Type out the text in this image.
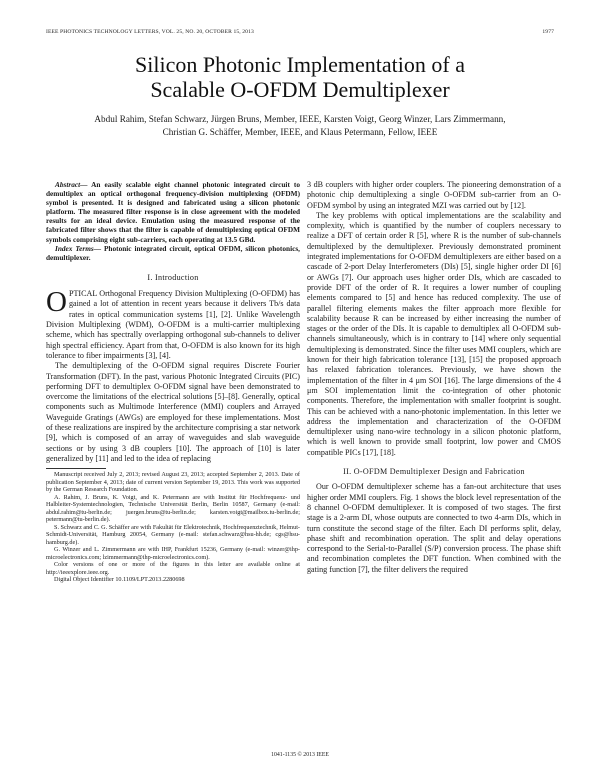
IEEE PHOTONICS TECHNOLOGY LETTERS, VOL. 25, NO. 20, OCTOBER 15, 2013	1977
Silicon Photonic Implementation of a
Scalable O-OFDM Demultiplexer
Abdul Rahim, Stefan Schwarz, Jürgen Bruns, Member, IEEE, Karsten Voigt, Georg Winzer, Lars Zimmermann,
Christian G. Schäffer, Member, IEEE, and Klaus Petermann, Fellow, IEEE

Abstract— An easily scalable eight channel photonic integrated circuit to demultiplex an optical orthogonal frequency-division multiplexing (OFDM) symbol is presented. It is designed and fabricated using a silicon photonic platform. The measured filter response is in close agreement with the modeled results for an ideal device. Emulation using the measured response of the fabricated filter shows that the filter is capable of demultiplexing optical OFDM symbols comprising eight sub-carriers, each operating at 13.5 GBd.

Index Terms— Photonic integrated circuit, optical OFDM, silicon photonics, demultiplexer.

I. Introduction

OPTICAL Orthogonal Frequency Division Multiplexing (O-OFDM) has gained a lot of attention in recent years because it delivers Tb/s data rates in optical communication systems [1], [2]. Unlike Wavelength Division Multiplexing (WDM), O-OFDM is a multi-carrier multiplexing scheme, which has spectrally overlapping orthogonal sub-channels to deliver high spectral efficiency. Apart from that, O-OFDM is also known for its high tolerance to fiber impairments [3], [4].

The demultiplexing of the O-OFDM signal requires Discrete Fourier Transformation (DFT). In the past, various Photonic Integrated Circuits (PIC) performing DFT to demultiplex O-OFDM signal have been demonstrated to overcome the limitations of the electrical solutions [5]–[8]. Generally, optical components such as Multimode Interference (MMI) couplers and Arrayed Waveguide Gratings (AWGs) are employed for these implementations. Most of these realizations are inspired by the architecture comprising a star network [9], which is composed of an array of waveguides and slab waveguide sections or by using 3 dB couplers [10]. The approach of [10] is later generalized by [11] and led to the idea of replacing

Manuscript received July 2, 2013; revised August 23, 2013; accepted September 2, 2013. Date of publication September 4, 2013; date of current version September 19, 2013. This work was supported by the German Research Foundation.

A. Rahim, J. Bruns, K. Voigt, and K. Petermann are with Institut für Hochfrequenz- und Halbleiter-Systemtechnologien, Technische Universität Berlin, Berlin 10587, Germany (e-mail: abdul.rahim@tu-berlin.de; juergen.bruns@tu-berlin.de; karsten.voigt@mailbox.tu-berlin.de; petermann@tu-berlin.de).

S. Schwarz and C. G. Schäffer are with Fakultät für Elektrotechnik, Hochfrequenztechnik, Helmut-Schmidt-Universität, Hamburg 20054, Germany (e-mail: stefan.schwarz@hsu-hh.de; cgs@hsu-hamburg.de).

G. Winzer and L. Zimmermann are with IHP, Frankfurt 15236, Germany (e-mail: winzer@ihp-microelectronics.com; lzimmermann@ihp-microelectronics.com).

Color versions of one or more of the figures in this letter are available online at http://ieeexplore.ieee.org.

Digital Object Identifier 10.1109/LPT.2013.2280698

3 dB couplers with higher order couplers. The pioneering demonstration of a photonic chip demultiplexing a single O-OFDM sub-carrier from an O-OFDM symbol by using an integrated MZI was carried out by [12].

The key problems with optical implementations are the scalability and complexity, which is quantified by the number of couplers necessary to realize a DFT of certain order R [5], where R is the number of sub-channels demultiplexed by the demultiplexer. Previously demonstrated prominent integrated implementations for O-OFDM demultiplexers are either based on a cascade of 2-port Delay Interferometers (DIs) [5], single higher order DI [6] or AWGs [7]. Our approach uses higher order DIs, which are cascaded to provide DFT of the order of R. It requires a lower number of coupling elements compared to [5] and hence has reduced complexity. The use of parallel filtering elements makes the filter approach more flexible for scalability because R can be increased by either increasing the number of stages or the order of the DIs. It is capable to demultiplex all O-OFDM sub-channels simultaneously, which is in contrary to [14] where only sequential demultiplexing is demonstrated. Since the filter uses MMI couplers, which are known for their high fabrication tolerance [13], [15] the proposed approach has relaxed fabrication tolerances. Previously, we have shown the implementation of the filter in 4 μm SOI [16]. The large dimensions of the 4 μm SOI implementation limit the co-integration of other photonic components. Therefore, the implementation with smaller footprint is sought. This can be achieved with a nano-photonic implementation. In this letter we address the implementation and characterization of the O-OFDM demultiplexer using nano-wire technology in a silicon photonic platform, which is well known to provide small footprint, low power and CMOS compatible PICs [17], [18].

II. O-OFDM Demultiplexer Design and Fabrication

Our O-OFDM demultiplexer scheme has a fan-out architecture that uses higher order MMI couplers. Fig. 1 shows the block level representation of the 8 channel O-OFDM demultiplexer. It is composed of two stages. The first stage is a 2-arm DI, whose outputs are connected to two 4-arm DIs, which in turn constitute the second stage of the filter. Each DI performs split, delay, phase shift and recombination operation. The split and delay operations correspond to the Serial-to-Parallel (S/P) conversion process. The phase shift and recombination completes the DFT function. When combined with the gating function [7], the filter delivers the required

1041-1135 © 2013 IEEE
